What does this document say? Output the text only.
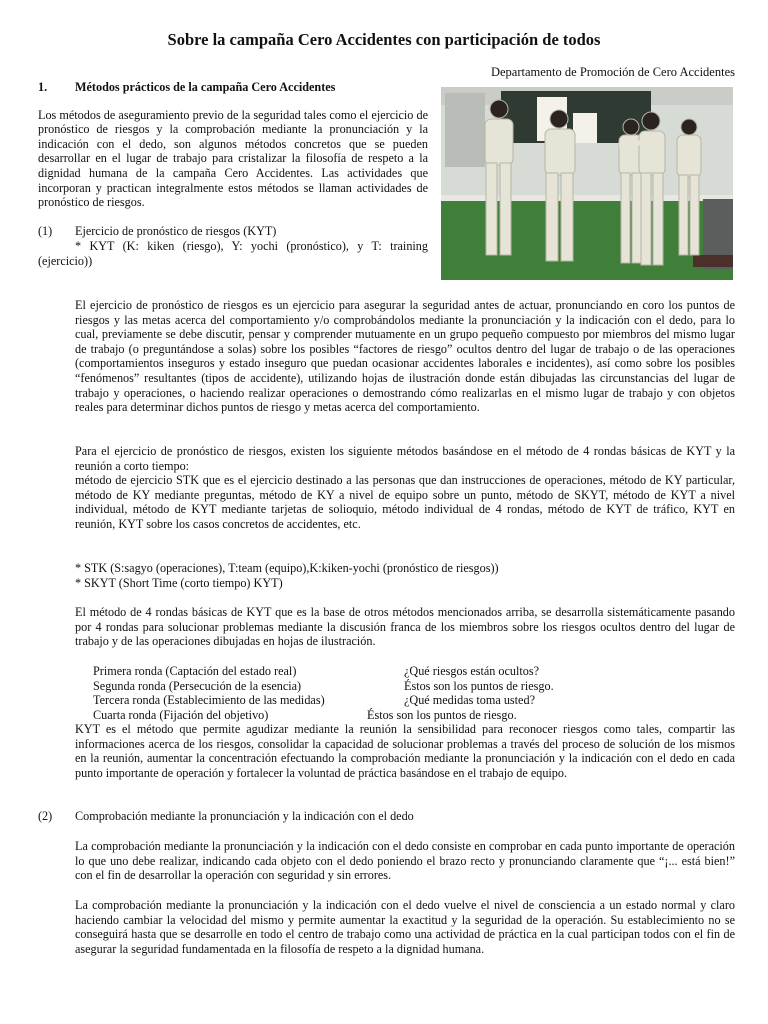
Sobre la campaña Cero Accidentes con participación de todos
Departamento de Promoción de Cero Accidentes
1.	Métodos prácticos de la campaña Cero Accidentes

Los métodos de aseguramiento previo de la seguridad tales como el ejercicio de pronóstico de riesgos y la comprobación mediante la pronunciación y la indicación con el dedo, son algunos métodos concretos que se pueden desarrollar en el lugar de trabajo para cristalizar la filosofía de respeto a la dignidad humana de la campaña Cero Accidentes. Las actividades que incorporan y practican integralmente estos métodos se llaman actividades de pronóstico de riesgos.

(1)	Ejercicio de pronóstico de riesgos (KYT)

* KYT (K: kiken (riesgo), Y: yochi (pronóstico), y T: training (ejercicio))

El ejercicio de pronóstico de riesgos es un ejercicio para asegurar la seguridad antes de actuar, pronunciando en coro los puntos de riesgos y las metas acerca del comportamiento y/o comprobándolos mediante la pronunciación y la indicación con el dedo, para lo cual, previamente se debe discutir, pensar y comprender mutuamente en un grupo pequeño compuesto por miembros del mismo lugar de trabajo (o preguntándose a solas) sobre los posibles “factores de riesgo” ocultos dentro del lugar de trabajo o de las operaciones (comportamientos inseguros y estado inseguro que puedan ocasionar accidentes laborales e incidentes), así como sobre los posibles “fenómenos” resultantes (tipos de accidente), utilizando hojas de ilustración donde están dibujadas las circunstancias del lugar de trabajo y operaciones, o haciendo realizar operaciones o demostrando cómo realizarlas en el mismo lugar de trabajo y con objetos reales para determinar dichos puntos de riesgo y metas acerca del comportamiento.

Para el ejercicio de pronóstico de riesgos, existen los siguiente métodos basándose en el método de 4 rondas básicas de KYT y la reunión a corto tiempo:

método de ejercicio STK que es el ejercicio destinado a las personas que dan instrucciones de operaciones, método de KY particular, método de KY mediante preguntas, método de KY a nivel de equipo sobre un punto, método de SKYT, método de KYT a nivel individual, método de KYT mediante tarjetas de solioquio, método individual de 4 rondas, método de KYT de tráfico, KYT en reunión, KYT sobre los casos concretos de accidentes, etc.

* STK (S:sagyo (operaciones), T:team (equipo),K:kiken-yochi (pronóstico de riesgos))

* SKYT (Short Time (corto tiempo) KYT)

El método de 4 rondas básicas de KYT que es la base de otros métodos mencionados arriba, se desarrolla sistemáticamente pasando por 4 rondas para solucionar problemas mediante la discusión franca de los miembros sobre los riesgos ocultos dentro del lugar de trabajo y de las operaciones dibujadas en hojas de ilustración.

Primera ronda (Captación del estado real)	¿Qué riesgos están ocultos?
Segunda ronda (Persecución de la esencia)	Éstos son los puntos de riesgo.
Tercera ronda (Establecimiento de las medidas)	¿Qué medidas toma usted?
Cuarta ronda (Fijación del objetivo)	Éstos son los puntos de riesgo.

KYT es el método que permite agudizar mediante la reunión la sensibilidad para reconocer riesgos como tales, compartir las informaciones acerca de los riesgos, consolidar la capacidad de solucionar problemas a través del proceso de solución de los mismos en la reunión, aumentar la concentración efectuando la comprobación mediante la pronunciación y la indicación con el dedo en cada punto importante de operación y fortalecer la voluntad de práctica basándose en el trabajo de equipo.

(2)	Comprobación mediante la pronunciación y la indicación con el dedo

La comprobación mediante la pronunciación y la indicación con el dedo consiste en comprobar en cada punto importante de operación lo que uno debe realizar, indicando cada objeto con el dedo poniendo el brazo recto y pronunciando claramente que “¡... está bien!” con el fin de desarrollar la operación con seguridad y sin errores.

La comprobación mediante la pronunciación y la indicación con el dedo vuelve el nivel de consciencia a un estado normal y claro haciendo cambiar la velocidad del mismo y permite aumentar la exactitud y la seguridad de la operación. Su establecimiento no se conseguirá hasta que se desarrolle en todo el centro de trabajo como una actividad de práctica en la cual participan todos con el fin de asegurar la seguridad fundamentada en la filosofía de respeto a la dignidad humana.
